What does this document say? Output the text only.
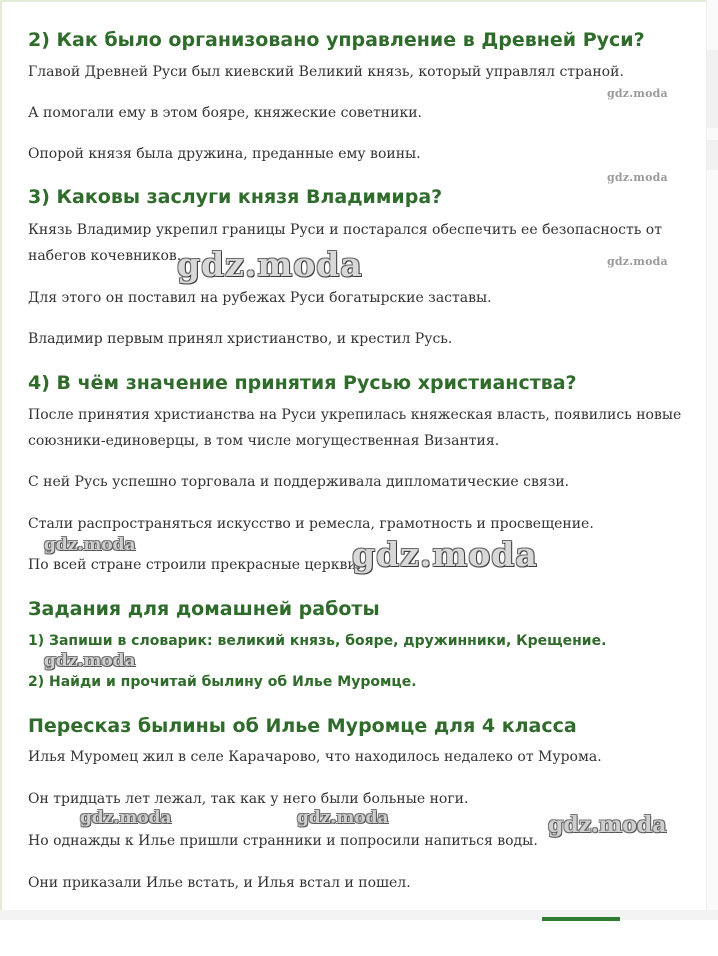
2) Как было организовано управление в Древней Руси?

Главой Древней Руси был киевский Великий князь, который управлял страной.

А помогали ему в этом бояре, княжеские советники.

Опорой князя была дружина, преданные ему воины.

3) Каковы заслуги князя Владимира?

Князь Владимир укрепил границы Руси и постарался обеспечить ее безопасность от

набегов кочевников.

Для этого он поставил на рубежах Руси богатырские заставы.

Владимир первым принял христианство, и крестил Русь.

4) В чём значение принятия Русью христианства?

После принятия христианства на Руси укрепилась княжеская власть, появились новые

союзники-единоверцы, в том числе могущественная Византия.

С ней Русь успешно торговала и поддерживала дипломатические связи.

Стали распространяться искусство и ремесла, грамотность и просвещение.

По всей стране строили прекрасные церкви.

Задания для домашней работы

1) Запиши в словарик: великий князь, бояре, дружинники, Крещение.

2) Найди и прочитай былину об Илье Муромце.

Пересказ былины об Илье Муромце для 4 класса

Илья Муромец жил в селе Карачарово, что находилось недалеко от Мурома.

Он тридцать лет лежал, так как у него были больные ноги.

Но однажды к Илье пришли странники и попросили напиться воды.

Они приказали Илье встать, и Илья встал и пошел.

gdz.moda
gdz.moda
gdz.moda
gdz.moda
gdz.moda	gdz.moda
gdz.moda
gdz.moda	gdz.moda	gdz.moda
